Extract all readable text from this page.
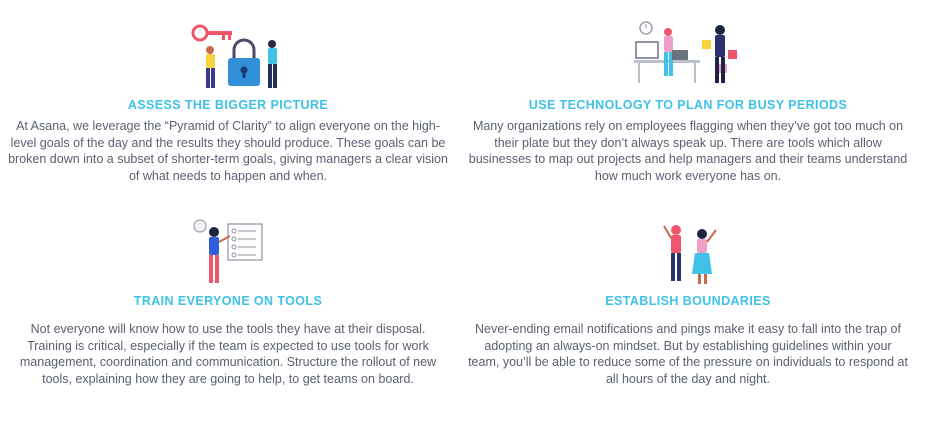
ASSESS THE BIGGER PICTURE

At Asana, we leverage the “Pyramid of Clarity” to align everyone on the high-level goals of the day and the results they should produce. These goals can be broken down into a subset of shorter-term goals, giving managers a clear vision of what needs to happen and when.

USE TECHNOLOGY TO PLAN FOR BUSY PERIODS

Many organizations rely on employees flagging when they’ve got too much on their plate but they don’t always speak up. There are tools which allow businesses to map out projects and help managers and their teams understand how much work everyone has on.

TRAIN EVERYONE ON TOOLS

Not everyone will know how to use the tools they have at their disposal. Training is critical, especially if the team is expected to use tools for work management, coordination and communication. Structure the rollout of new tools, explaining how they are going to help, to get teams on board.

ESTABLISH BOUNDARIES

Never-ending email notifications and pings make it easy to fall into the trap of adopting an always-on mindset. But by establishing guidelines within your team, you’ll be able to reduce some of the pressure on individuals to respond at all hours of the day and night.
